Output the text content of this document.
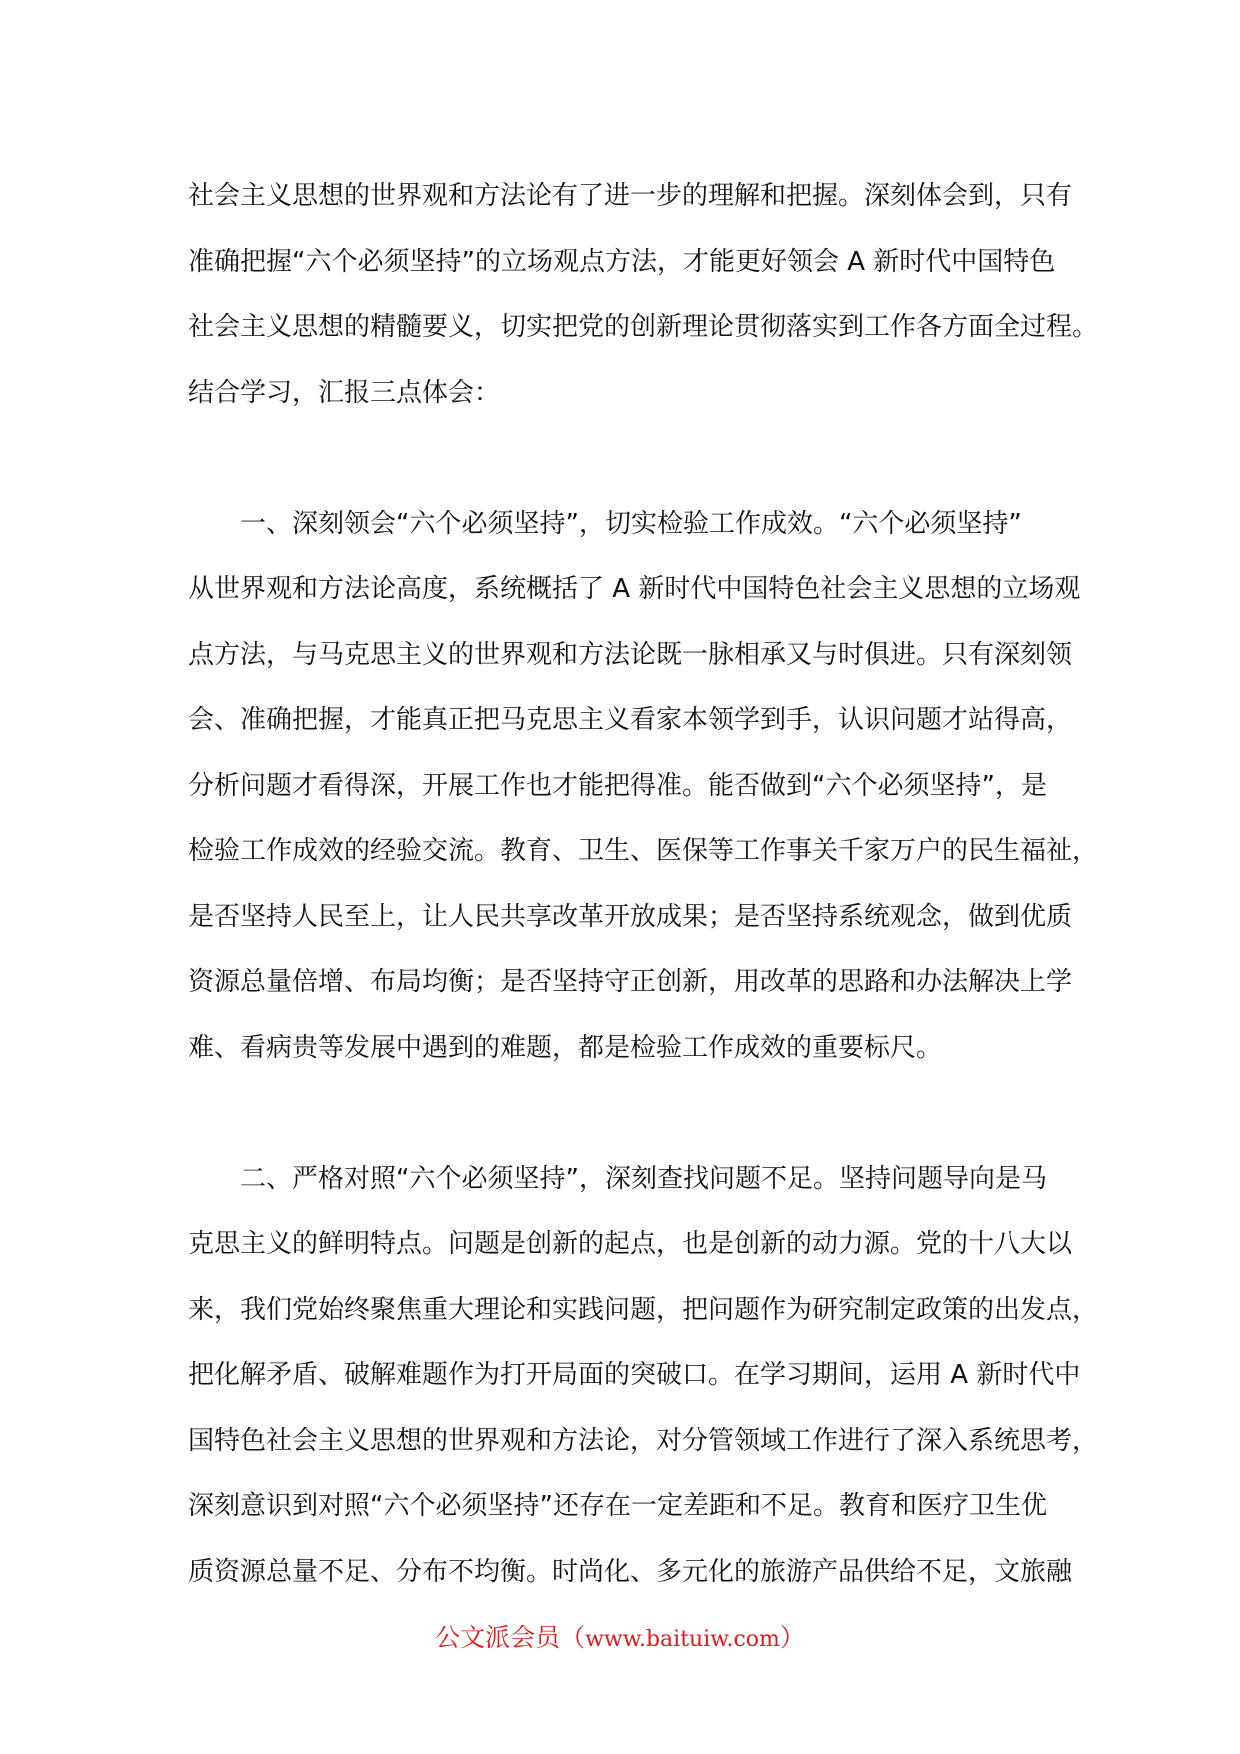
社会主义思想的世界观和方法论有了进一步的理解和把握。深刻体会到，只有
准确把握“六个必须坚持”的立场观点方法，才能更好领会 A 新时代中国特色
社会主义思想的精髓要义，切实把党的创新理论贯彻落实到工作各方面全过程。
结合学习，汇报三点体会：

　　一、深刻领会“六个必须坚持”，切实检验工作成效。“六个必须坚持”
从世界观和方法论高度，系统概括了 A 新时代中国特色社会主义思想的立场观
点方法，与马克思主义的世界观和方法论既一脉相承又与时俱进。只有深刻领
会、准确把握，才能真正把马克思主义看家本领学到手，认识问题才站得高，
分析问题才看得深，开展工作也才能把得准。能否做到“六个必须坚持”，是
检验工作成效的经验交流。教育、卫生、医保等工作事关千家万户的民生福祉，
是否坚持人民至上，让人民共享改革开放成果；是否坚持系统观念，做到优质
资源总量倍增、布局均衡；是否坚持守正创新，用改革的思路和办法解决上学
难、看病贵等发展中遇到的难题，都是检验工作成效的重要标尺。

　　二、严格对照“六个必须坚持”，深刻查找问题不足。坚持问题导向是马
克思主义的鲜明特点。问题是创新的起点，也是创新的动力源。党的十八大以
来，我们党始终聚焦重大理论和实践问题，把问题作为研究制定政策的出发点，
把化解矛盾、破解难题作为打开局面的突破口。在学习期间，运用 A 新时代中
国特色社会主义思想的世界观和方法论，对分管领域工作进行了深入系统思考，
深刻意识到对照“六个必须坚持”还存在一定差距和不足。教育和医疗卫生优
质资源总量不足、分布不均衡。时尚化、多元化的旅游产品供给不足，文旅融

公文派会员（www.baituiw.com）
